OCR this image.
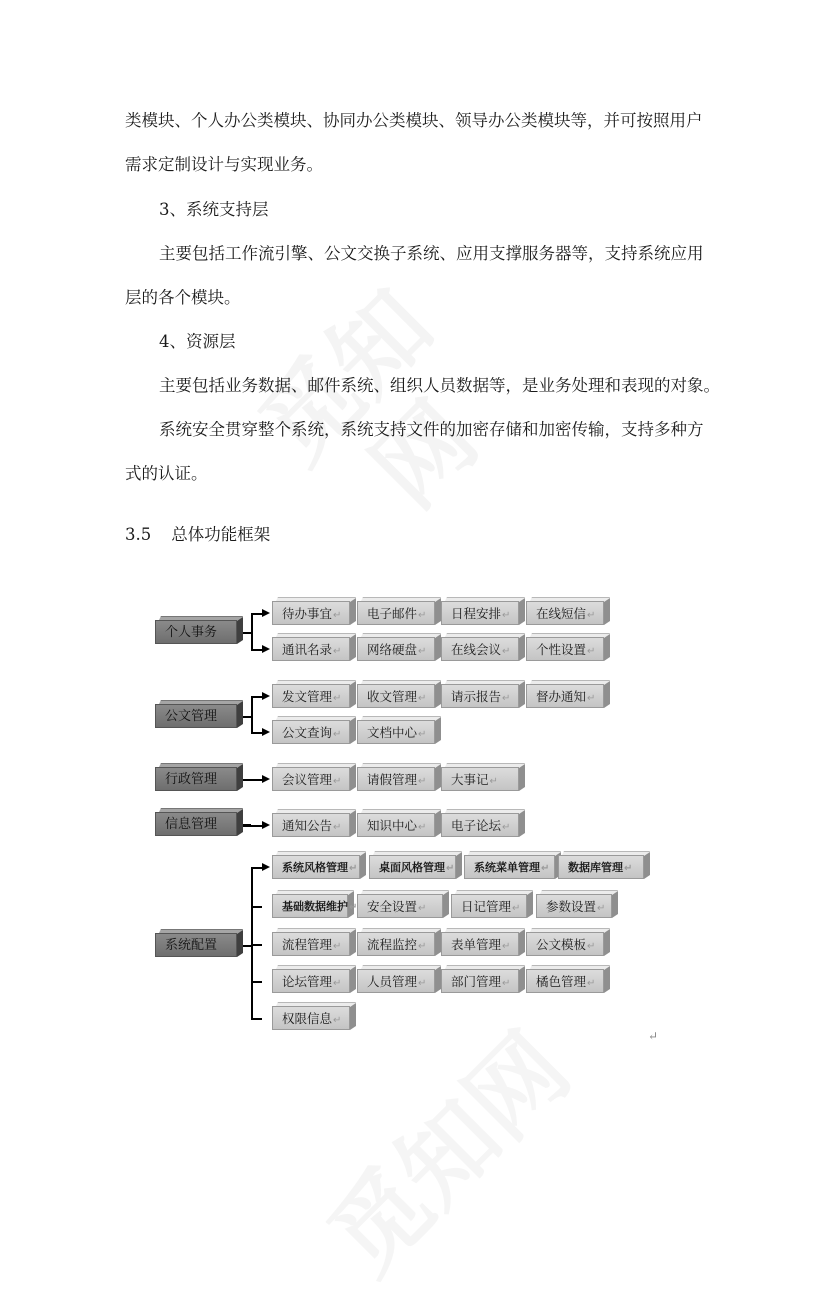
类模块、个人办公类模块、协同办公类模块、领导办公类模块等，并可按照用户
需求定制设计与实现业务。
3、系统支持层
主要包括工作流引擎、公文交换子系统、应用支撑服务器等，支持系统应用
层的各个模块。
4、资源层
主要包括业务数据、邮件系统、组织人员数据等，是业务处理和表现的对象。
系统安全贯穿整个系统，系统支持文件的加密存储和加密传输，支持多种方
式的认证。
3.5 总体功能框架
个人事务
待办事宜↵	电子邮件↵	日程安排↵	在线短信↵
通讯名录↵	网络硬盘↵	在线会议↵	个性设置↵
公文管理
发文管理↵	收文管理↵	请示报告↵	督办通知↵
公文查询↵	文档中心↵
行政管理	会议管理↵	请假管理↵	大事记↵
信息管理	通知公告↵	知识中心↵	电子论坛↵
系统配置
系统风格管理↵	桌面风格管理↵	系统菜单管理↵	数据库管理↵
基础数据维护↵ 安全设置↵	日记管理↵	参数设置↵
流程管理↵	流程监控↵	表单管理↵	公文模板↵
论坛管理↵	人员管理↵	部门管理↵	橘色管理↵
权限信息↵
↵
